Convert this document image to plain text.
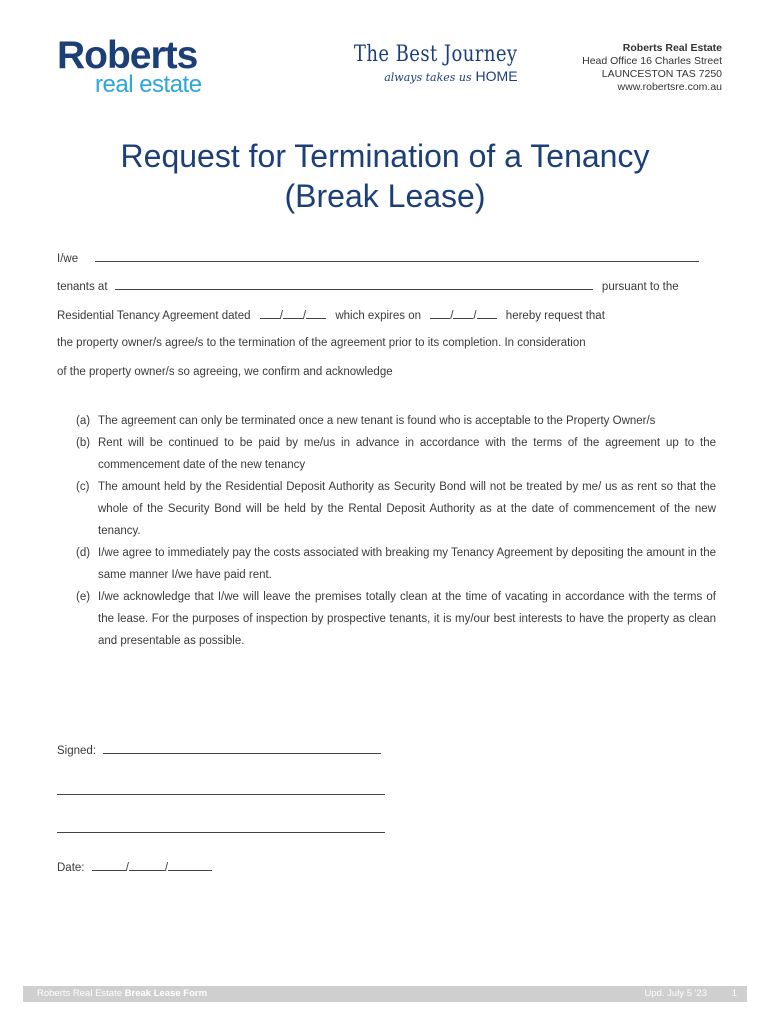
Roberts
real estate
The Best Journey
always takes us HOME
Roberts Real Estate
Head Office 16 Charles Street
LAUNCESTON TAS 7250
www.robertsre.com.au
Request for Termination of a Tenancy
(Break Lease)
I/we
tenants at	pursuant to the
Residential Tenancy Agreement dated	/ /	which expires on	/ /	hereby request that
the property owner/s agree/s to the termination of the agreement prior to its completion. In consideration
of the property owner/s so agreeing, we confirm and acknowledge
(a) The agreement can only be terminated once a new tenant is found who is acceptable to the Property Owner/s
(b) Rent will be continued to be paid by me/us in advance in accordance with the terms of the agreement up to the commencement date of the new tenancy
(c) The amount held by the Residential Deposit Authority as Security Bond will not be treated by me/ us as rent so that the whole of the Security Bond will be held by the Rental Deposit Authority as at the date of commencement of the new tenancy.
(d) I/we agree to immediately pay the costs associated with breaking my Tenancy Agreement by depositing the amount in the same manner I/we have paid rent.
(e) I/we acknowledge that I/we will leave the premises totally clean at the time of vacating in accordance with the terms of the lease. For the purposes of inspection by prospective tenants, it is my/our best interests to have the property as clean and presentable as possible.
Signed:
Date:	/	/
Roberts Real Estate Break Lease Form	Upd. July 5 '23	1
